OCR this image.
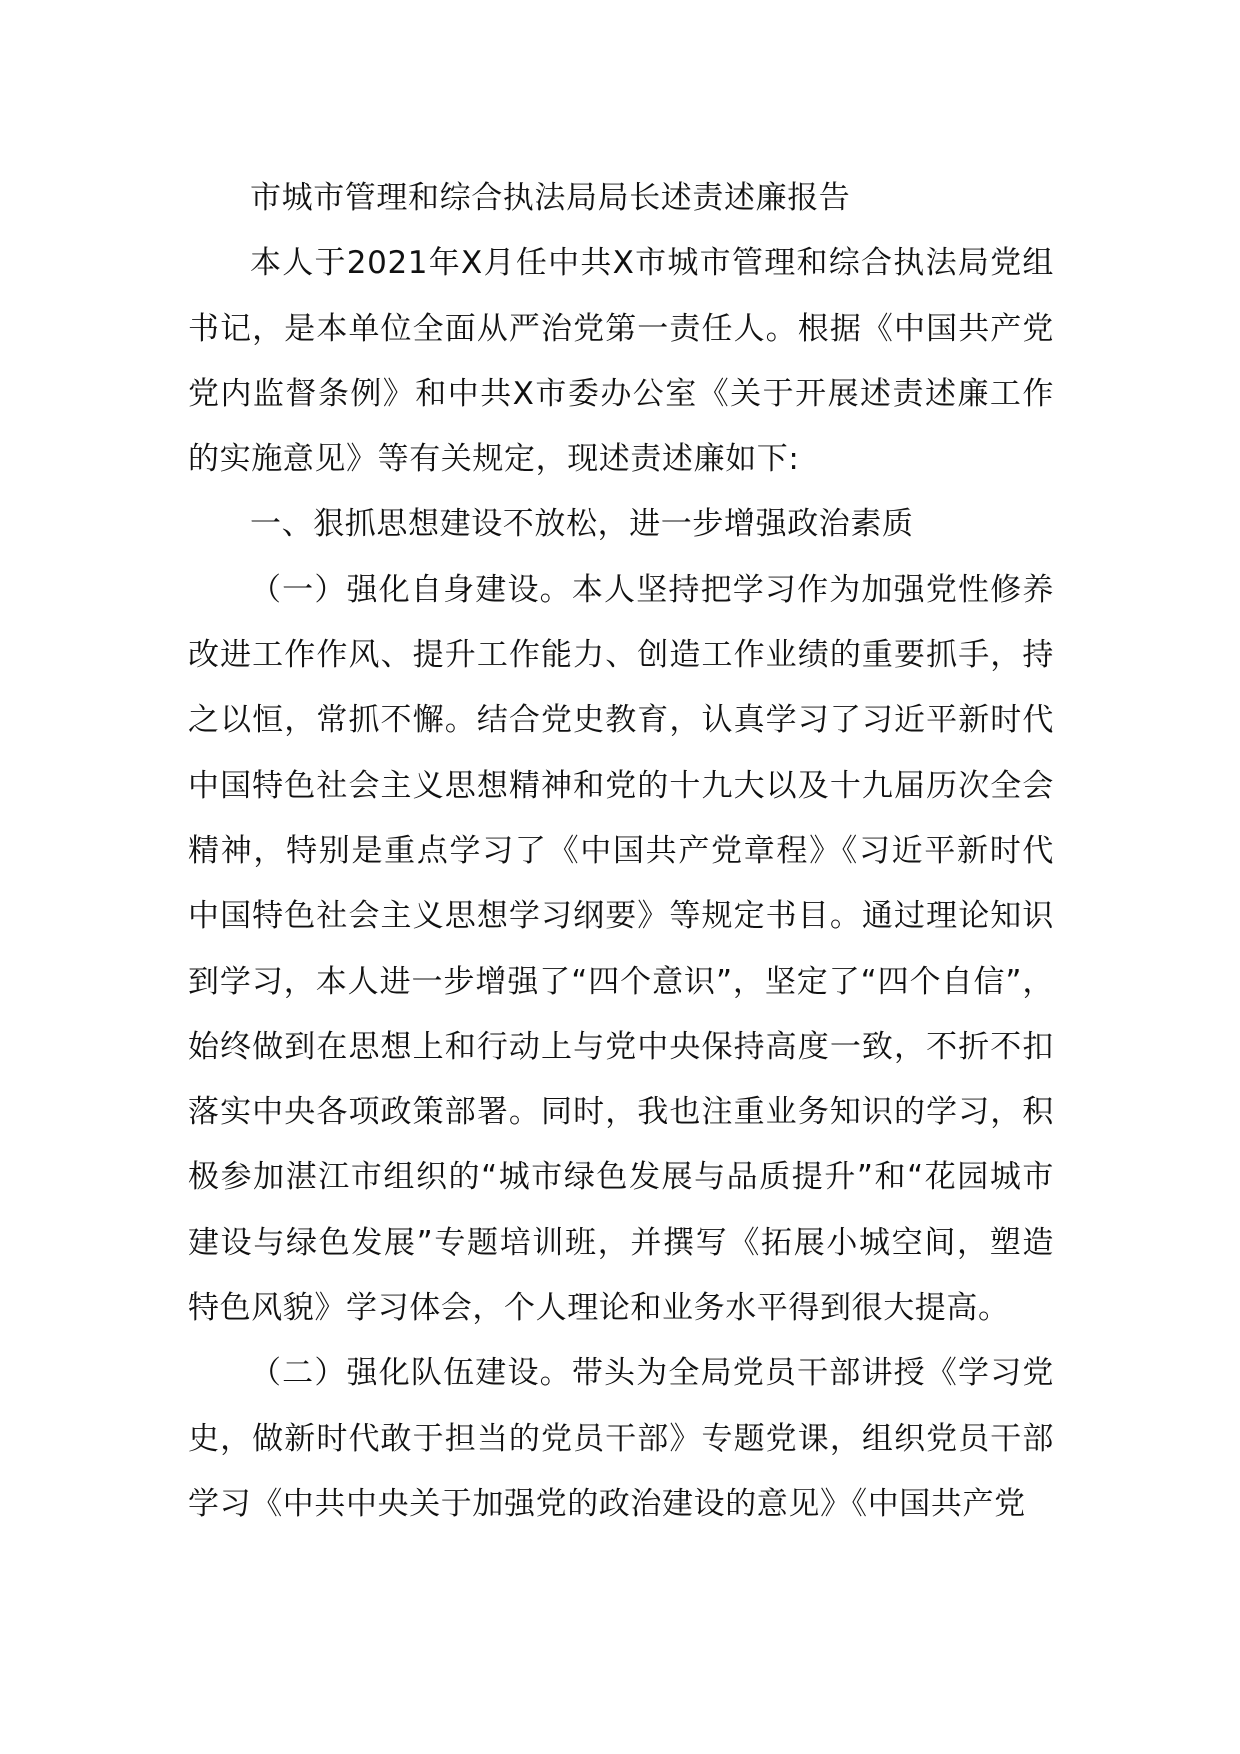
市城市管理和综合执法局局长述责述廉报告

本人于2021年X月任中共X市城市管理和综合执法局党组书记，是本单位全面从严治党第一责任人。根据《中国共产党党内监督条例》和中共X市委办公室《关于开展述责述廉工作的实施意见》等有关规定，现述责述廉如下:

一、狠抓思想建设不放松，进一步增强政治素质

（一）强化自身建设。本人坚持把学习作为加强党性修养改进工作作风、提升工作能力、创造工作业绩的重要抓手，持之以恒，常抓不懈。结合党史教育，认真学习了习近平新时代中国特色社会主义思想精神和党的十九大以及十九届历次全会精神，特别是重点学习了《中国共产党章程》《习近平新时代中国特色社会主义思想学习纲要》等规定书目。通过理论知识到学习，本人进一步增强了“四个意识”，坚定了“四个自信”，始终做到在思想上和行动上与党中央保持高度一致，不折不扣落实中央各项政策部署。同时，我也注重业务知识的学习，积极参加湛江市组织的“城市绿色发展与品质提升”和“花园城市建设与绿色发展”专题培训班，并撰写《拓展小城空间，塑造特色风貌》学习体会，个人理论和业务水平得到很大提高。

（二）强化队伍建设。带头为全局党员干部讲授《学习党史，做新时代敢于担当的党员干部》专题党课，组织党员干部学习《中共中央关于加强党的政治建设的意见》《中国共产党
